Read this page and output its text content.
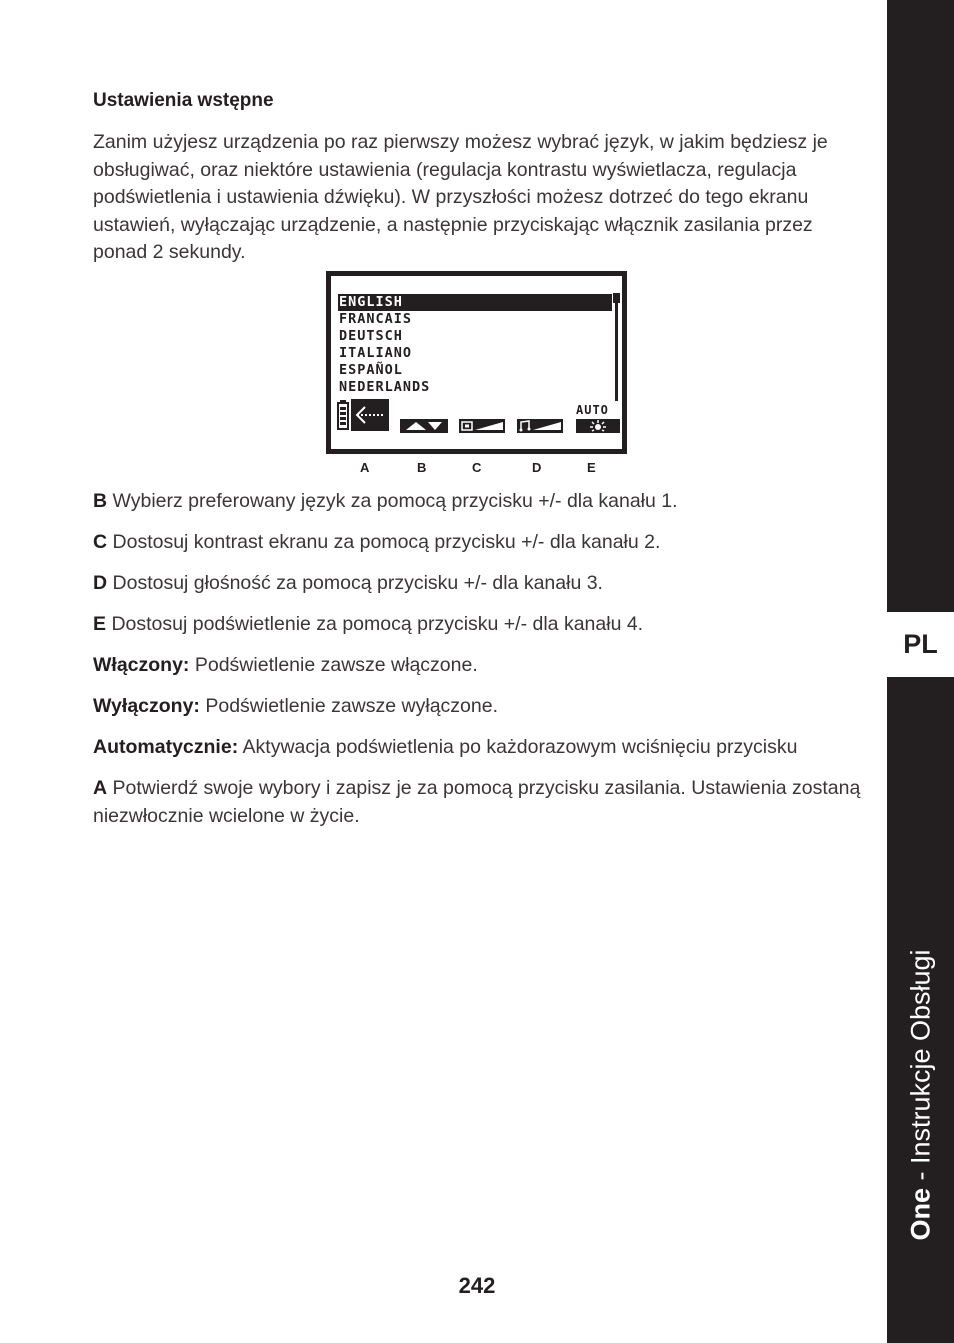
PL
One - Instrukcje Obsługi
Ustawienia wstępne
Zanim użyjesz urządzenia po raz pierwszy możesz wybrać język, w jakim będziesz je obsługiwać, oraz niektóre ustawienia (regulacja kontrastu wyświetlacza, regulacja podświetlenia i ustawienia dźwięku). W przyszłości możesz dotrzeć do tego ekranu ustawień, wyłączając urządzenie, a następnie przyciskając włącznik zasilania przez ponad 2 sekundy.
ENGLISH
FRANCAIS
DEUTSCH
ITALIANO
ESPAÑOL
NEDERLANDS
AUTO
A	B	C	D	E
B Wybierz preferowany język za pomocą przycisku +/- dla kanału 1.
C Dostosuj kontrast ekranu za pomocą przycisku +/- dla kanału 2.
D Dostosuj głośność za pomocą przycisku +/- dla kanału 3.
E Dostosuj podświetlenie za pomocą przycisku +/- dla kanału 4.
Włączony: Podświetlenie zawsze włączone.
Wyłączony: Podświetlenie zawsze wyłączone.
Automatycznie: Aktywacja podświetlenia po każdorazowym wciśnięciu przycisku
A Potwierdź swoje wybory i zapisz je za pomocą przycisku zasilania. Ustawienia zostaną niezwłocznie wcielone w życie.
242
